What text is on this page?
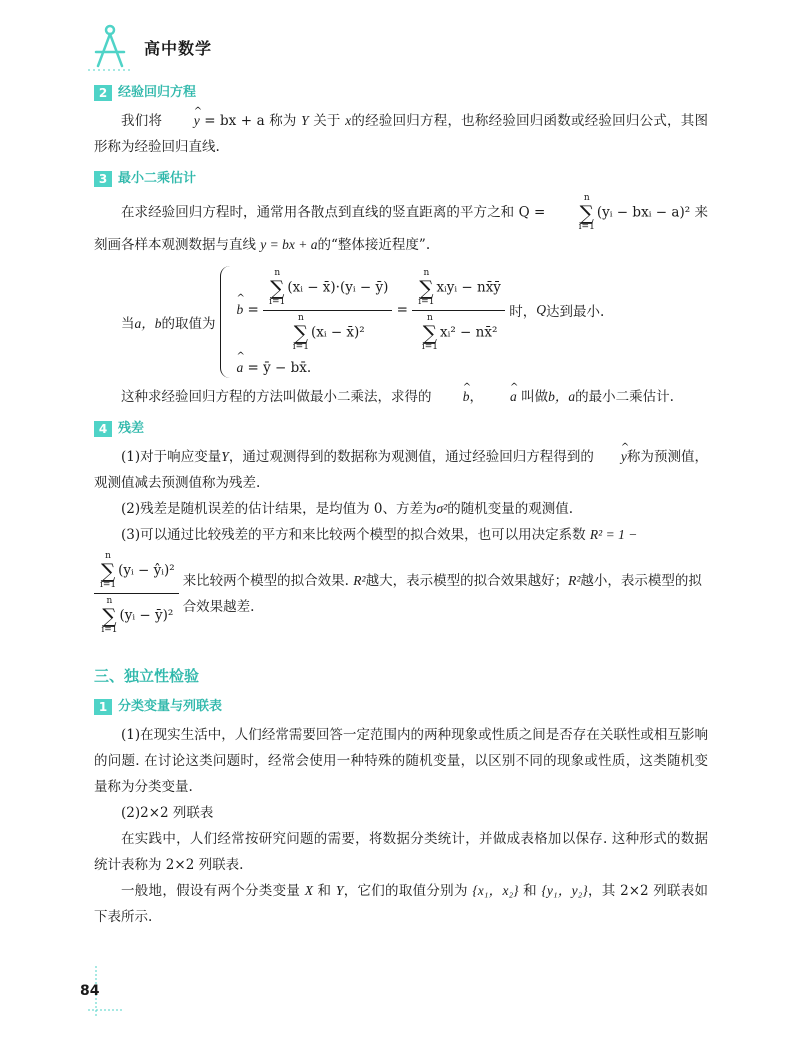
高中数学
2 经验回归方程

我们将 y
^
= bx + a 称为 Y 关于 x的经验回归方程，也称经验回归函数或经验回归公式，其图形称为经验回归直线.

3 最小二乘估计

在求经验回归方程时，通常用各散点到直线的竖直距离的平方之和 Q =
n
∑
i=1
(yᵢ − bxᵢ − a)² 来刻画各样本观测数据与直线 y = bx + a的“整体接近程度”.

当 a，b 的取值为
b
^
= n
∑
i=1
(xᵢ − x̄)·(yᵢ − ȳ)
n
∑
i=1
(xᵢ − x̄)² = n
∑
i=1
xᵢyᵢ − nx̄ȳ
n
∑
i=1
xᵢ² − nx̄²
时， Q 达到最小.
a
^
= ȳ − bx̄.

这种求经验回归方程的方法叫做最小二乘法，求得的 b
^
， a
^
叫做b，a的最小二乘估计.

4 残差

(1)对于响应变量Y，通过观测得到的数据称为观测值，通过经验回归方程得到的 y
^
称为预测值，观测值减去预测值称为残差.

(2)残差是随机误差的估计结果，是均值为 0、方差为σ²的随机变量的观测值.

(3)可以通过比较残差的平方和来比较两个模型的拟合效果，也可以用决定系数 R² = 1 −

n
∑
i=1
(yᵢ − ŷᵢ)²
n
∑
i=1
(yᵢ − ȳ)² 来比较两个模型的拟合效果. R²越大，表示模型的拟合效果越好；R²越小，表示模型的拟合效果越差.
三、独立性检验
1 分类变量与列联表

(1)在现实生活中，人们经常需要回答一定范围内的两种现象或性质之间是否存在关联性或相互影响的问题. 在讨论这类问题时，经常会使用一种特殊的随机变量，以区别不同的现象或性质，这类随机变量称为分类变量.

(2)2×2 列联表

在实践中，人们经常按研究问题的需要，将数据分类统计，并做成表格加以保存. 这种形式的数据统计表称为 2×2 列联表.

一般地，假设有两个分类变量 X 和 Y，它们的取值分别为 {x₁，x₂} 和 {y₁，y₂}，其 2×2 列联表如下表所示.

84
